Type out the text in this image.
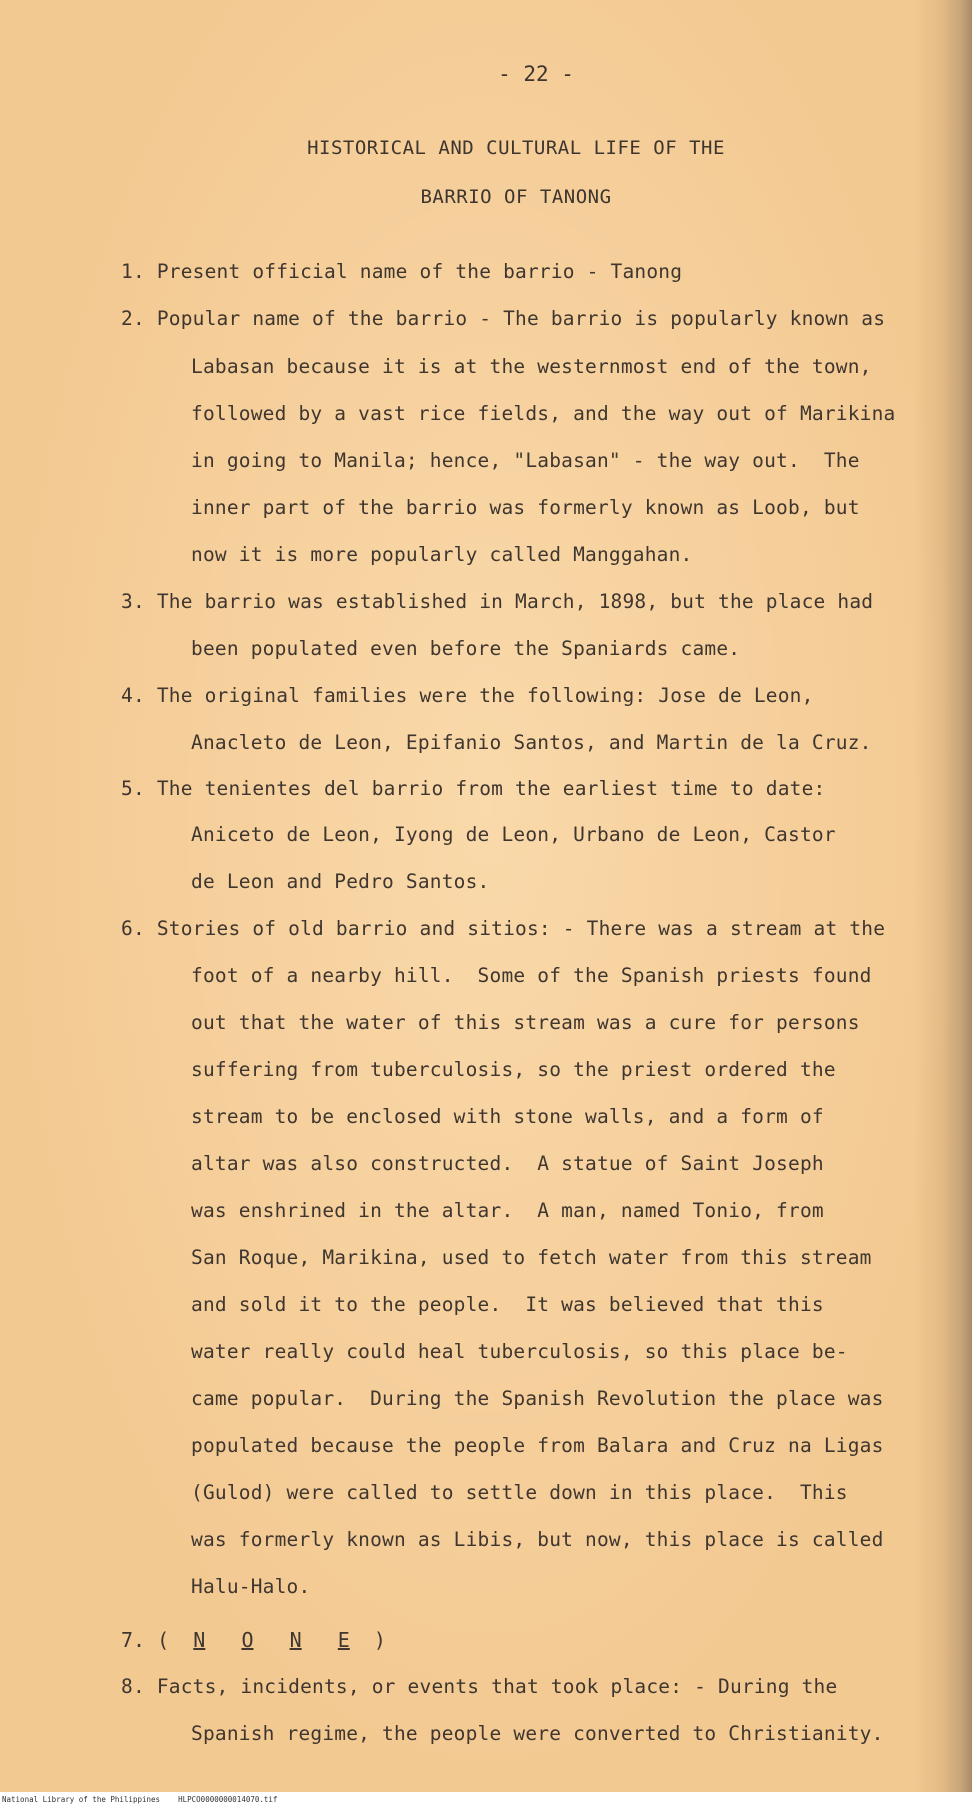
- 22 -
HISTORICAL AND CULTURAL LIFE OF THE
BARRIO OF TANONG
1. Present official name of the barrio - Tanong
2. Popular name of the barrio - The barrio is popularly known as
Labasan because it is at the westernmost end of the town,
followed by a vast rice fields, and the way out of Marikina
in going to Manila; hence, "Labasan" - the way out.  The
inner part of the barrio was formerly known as Loob, but
now it is more popularly called Manggahan.
3. The barrio was established in March, 1898, but the place had
been populated even before the Spaniards came.
4. The original families were the following: Jose de Leon,
Anacleto de Leon, Epifanio Santos, and Martin de la Cruz.
5. The tenientes del barrio from the earliest time to date:
Aniceto de Leon, Iyong de Leon, Urbano de Leon, Castor
de Leon and Pedro Santos.
6. Stories of old barrio and sitios: - There was a stream at the
foot of a nearby hill.  Some of the Spanish priests found
out that the water of this stream was a cure for persons
suffering from tuberculosis, so the priest ordered the
stream to be enclosed with stone walls, and a form of
altar was also constructed.  A statue of Saint Joseph
was enshrined in the altar.  A man, named Tonio, from
San Roque, Marikina, used to fetch water from this stream
and sold it to the people.  It was believed that this
water really could heal tuberculosis, so this place be-
came popular.  During the Spanish Revolution the place was
populated because the people from Balara and Cruz na Ligas
(Gulod) were called to settle down in this place.  This
was formerly known as Libis, but now, this place is called
Halu-Halo.
7. ( N O N E )
8. Facts, incidents, or events that took place: - During the
Spanish regime, the people were converted to Christianity.
National Library of the Philippines    HLPCO0000000014070.tif
